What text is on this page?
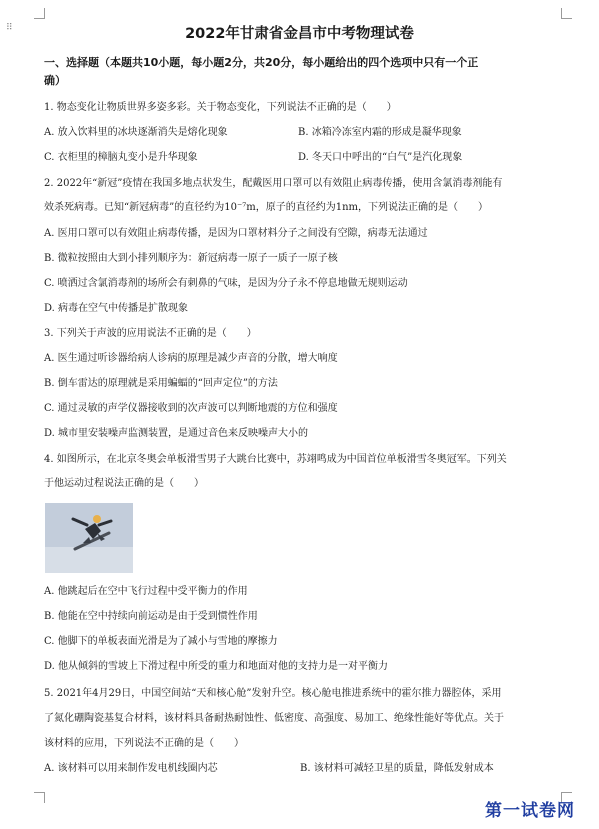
⠿	2022年甘肃省金昌市中考物理试卷
一、选择题（本题共10小题，每小题2分，共20分，每小题给出的四个选项中只有一个正
确）
1. 物态变化让物质世界多姿多彩。关于物态变化，下列说法不正确的是（　　）
A. 放入饮料里的冰块逐渐消失是熔化现象	B. 冰箱冷冻室内霜的形成是凝华现象
C. 衣柜里的樟脑丸变小是升华现象	D. 冬天口中呼出的“白气”是汽化现象
2. 2022年“新冠”疫情在我国多地点状发生，配戴医用口罩可以有效阻止病毒传播，使用含氯消毒剂能有
效杀死病毒。已知“新冠病毒”的直径约为10⁻⁷m，原子的直径约为1nm，下列说法正确的是（　　）
A. 医用口罩可以有效阻止病毒传播，是因为口罩材料分子之间没有空隙，病毒无法通过
B. 微粒按照由大到小排列顺序为：新冠病毒一原子一质子一原子核
C. 喷洒过含氯消毒剂的场所会有刺鼻的气味，是因为分子永不停息地做无规则运动
D. 病毒在空气中传播是扩散现象
3. 下列关于声波的应用说法不正确的是（　　）
A. 医生通过听诊器给病人诊病的原理是减少声音的分散，增大响度
B. 倒车雷达的原理就是采用蝙蝠的“回声定位”的方法
C. 通过灵敏的声学仪器接收到的次声波可以判断地震的方位和强度
D. 城市里安装噪声监测装置，是通过音色来反映噪声大小的
4. 如图所示，在北京冬奥会单板滑雪男子大跳台比赛中，苏翊鸣成为中国首位单板滑雪冬奥冠军。下列关
于他运动过程说法正确的是（　　）
A. 他跳起后在空中飞行过程中受平衡力的作用
B. 他能在空中持续向前运动是由于受到惯性作用
C. 他脚下的单板表面光滑是为了减小与雪地的摩擦力
D. 他从倾斜的雪坡上下滑过程中所受的重力和地面对他的支持力是一对平衡力
5. 2021年4月29日，中国空间站“天和核心舱”发射升空。核心舱电推进系统中的霍尔推力器腔体，采用
了氮化硼陶瓷基复合材料，该材料具备耐热耐蚀性、低密度、高强度、易加工、绝缘性能好等优点。关于
该材料的应用，下列说法不正确的是（　　）
A. 该材料可以用来制作发电机线圈内芯	B. 该材料可减轻卫星的质量，降低发射成本
第一试卷网
